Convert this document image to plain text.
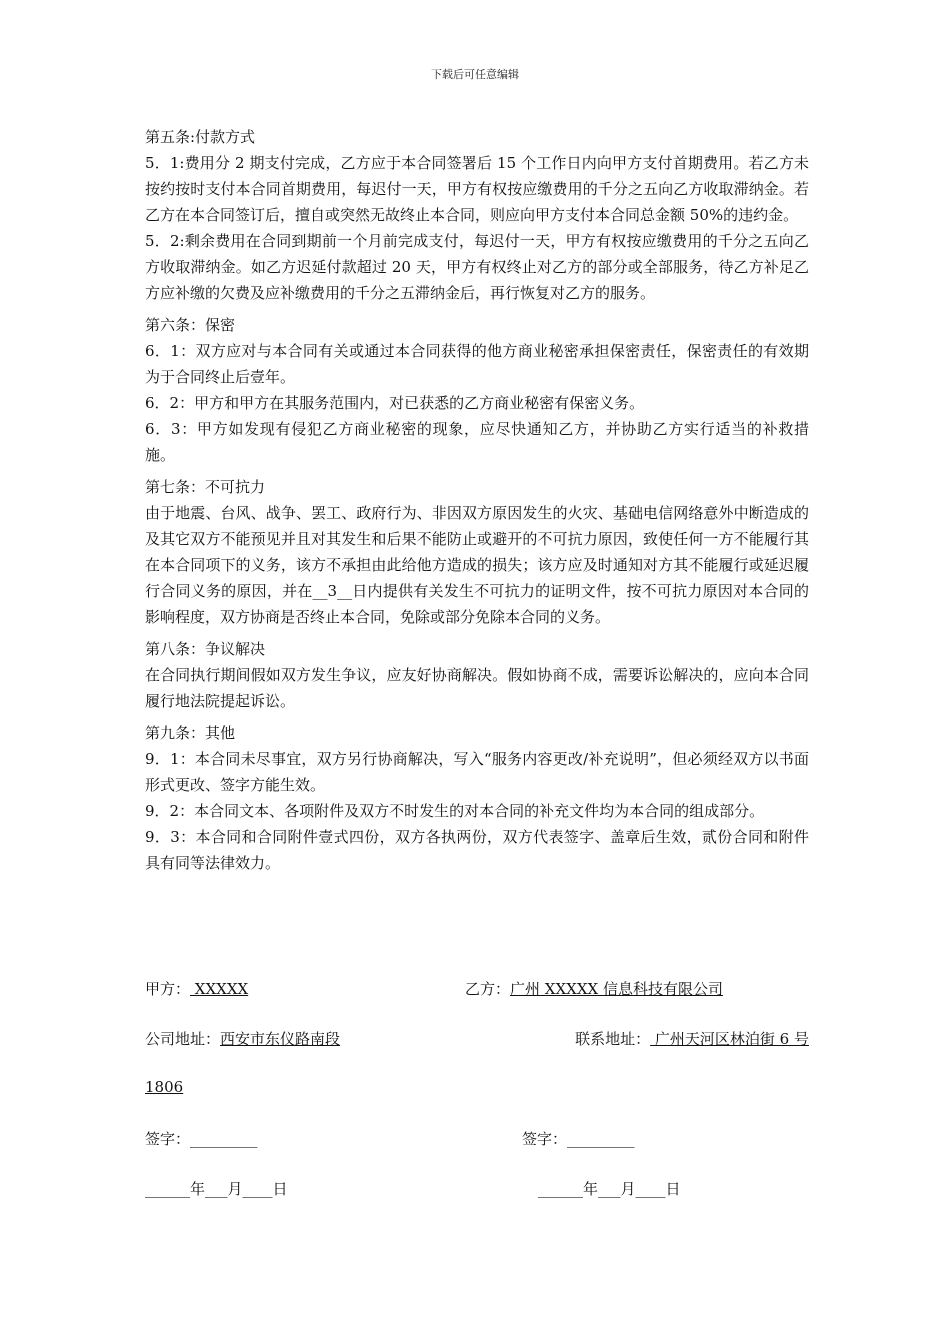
下载后可任意编辑

第五条:付款方式

5．1:费用分 2 期支付完成，乙方应于本合同签署后 15 个工作日内向甲方支付首期费用。若乙方未按约按时支付本合同首期费用，每迟付一天，甲方有权按应缴费用的千分之五向乙方收取滞纳金。若乙方在本合同签订后，擅自或突然无故终止本合同，则应向甲方支付本合同总金额 50%的违约金。

5．2:剩余费用在合同到期前一个月前完成支付，每迟付一天，甲方有权按应缴费用的千分之五向乙方收取滞纳金。如乙方迟延付款超过 20 天，甲方有权终止对乙方的部分或全部服务，待乙方补足乙方应补缴的欠费及应补缴费用的千分之五滞纳金后，再行恢复对乙方的服务。

第六条：保密

6．1：双方应对与本合同有关或通过本合同获得的他方商业秘密承担保密责任，保密责任的有效期为于合同终止后壹年。

6．2：甲方和甲方在其服务范围内，对已获悉的乙方商业秘密有保密义务。

6．3：甲方如发现有侵犯乙方商业秘密的现象，应尽快通知乙方，并协助乙方实行适当的补救措施。

第七条：不可抗力

由于地震、台风、战争、罢工、政府行为、非因双方原因发生的火灾、基础电信网络意外中断造成的及其它双方不能预见并且对其发生和后果不能防止或避开的不可抗力原因，致使任何一方不能履行其在本合同项下的义务，该方不承担由此给他方造成的损失；该方应及时通知对方其不能履行或延迟履行合同义务的原因，并在__3__日内提供有关发生不可抗力的证明文件，按不可抗力原因对本合同的影响程度，双方协商是否终止本合同，免除或部分免除本合同的义务。

第八条：争议解决

在合同执行期间假如双方发生争议，应友好协商解决。假如协商不成，需要诉讼解决的，应向本合同履行地法院提起诉讼。

第九条：其他

9．1：本合同未尽事宜，双方另行协商解决，写入“服务内容更改/补充说明”，但必须经双方以书面形式更改、签字方能生效。

9．2：本合同文本、各项附件及双方不时发生的对本合同的补充文件均为本合同的组成部分。

9．3：本合同和合同附件壹式四份，双方各执两份，双方代表签字、盖章后生效，贰份合同和附件具有同等法律效力。

甲方： XXXXX	乙方：广州 XXXXX 信息科技有限公司
公司地址：西安市东仪路南段	联系地址： 广州天河区林泊街 6 号
1806
签字：_________	签字：_________
______年___月____日	______年___月____日
